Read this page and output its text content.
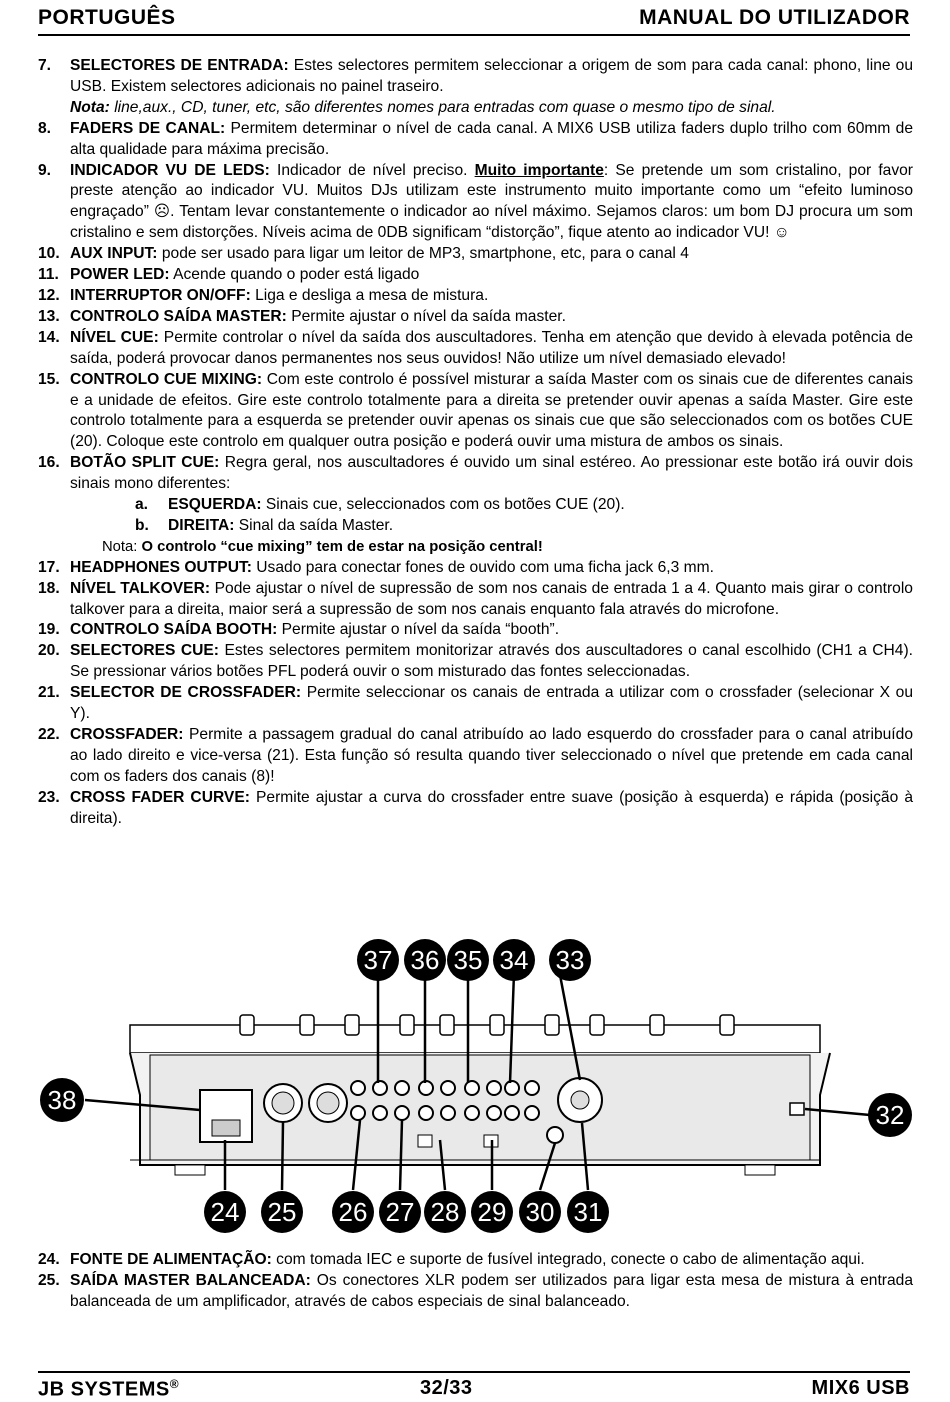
PORTUGUÊS	MANUAL DO UTILIZADOR
7. SELECTORES DE ENTRADA: Estes selectores permitem seleccionar a origem de som para cada canal: phono, line ou USB. Existem selectores adicionais no painel traseiro.
Nota: line,aux., CD, tuner, etc, são diferentes nomes para entradas com quase o mesmo tipo de sinal.
8. FADERS DE CANAL: Permitem determinar o nível de cada canal. A MIX6 USB utiliza faders duplo trilho com 60mm de alta qualidade para máxima precisão.
9. INDICADOR VU DE LEDS: Indicador de nível preciso. Muito importante: Se pretende um som cristalino, por favor preste atenção ao indicador VU. Muitos DJs utilizam este instrumento muito importante como um “efeito luminoso engraçado” ☹. Tentam levar constantemente o indicador ao nível máximo. Sejamos claros: um bom DJ procura um som cristalino e sem distorções. Níveis acima de 0DB significam “distorção”, fique atento ao indicador VU! ☺
10. AUX INPUT: pode ser usado para ligar um leitor de MP3, smartphone, etc, para o canal 4
11. POWER LED: Acende quando o poder está ligado
12. INTERRUPTOR ON/OFF: Liga e desliga a mesa de mistura.
13. CONTROLO SAÍDA MASTER: Permite ajustar o nível da saída master.
14. NÍVEL CUE: Permite controlar o nível da saída dos auscultadores. Tenha em atenção que devido à elevada potência de saída, poderá provocar danos permanentes nos seus ouvidos! Não utilize um nível demasiado elevado!
15. CONTROLO CUE MIXING: Com este controlo é possível misturar a saída Master com os sinais cue de diferentes canais e a unidade de efeitos. Gire este controlo totalmente para a direita se pretender ouvir apenas a saída Master. Gire este controlo totalmente para a esquerda se pretender ouvir apenas os sinais cue que são seleccionados com os botões CUE (20). Coloque este controlo em qualquer outra posição e poderá ouvir uma mistura de ambos os sinais.
16. BOTÃO SPLIT CUE: Regra geral, nos auscultadores é ouvido um sinal estéreo. Ao pressionar este botão irá ouvir dois sinais mono diferentes:
a. ESQUERDA: Sinais cue, seleccionados com os botões CUE (20).
b. DIREITA: Sinal da saída Master.
Nota: O controlo “cue mixing” tem de estar na posição central!
17. HEADPHONES OUTPUT: Usado para conectar fones de ouvido com uma ficha jack 6,3 mm.
18. NÍVEL TALKOVER: Pode ajustar o nível de supressão de som nos canais de entrada 1 a 4. Quanto mais girar o controlo talkover para a direita, maior será a supressão de som nos canais enquanto fala através do microfone.
19. CONTROLO SAÍDA BOOTH: Permite ajustar o nível da saída “booth”.
20. SELECTORES CUE: Estes selectores permitem monitorizar através dos auscultadores o canal escolhido (CH1 a CH4). Se pressionar vários botões PFL poderá ouvir o som misturado das fontes seleccionadas.
21. SELECTOR DE CROSSFADER: Permite seleccionar os canais de entrada a utilizar com o crossfader (selecionar X ou Y).
22. CROSSFADER: Permite a passagem gradual do canal atribuído ao lado esquerdo do crossfader para o canal atribuído ao lado direito e vice-versa (21). Esta função só resulta quando tiver seleccionado o nível que pretende em cada canal com os faders dos canais (8)!
23. CROSS FADER CURVE: Permite ajustar a curva do crossfader entre suave (posição à esquerda) e rápida (posição à direita).
37 36 35 34 33
38	32
24 25 26 27 28 29 30 31
24. FONTE DE ALIMENTAÇÃO: com tomada IEC e suporte de fusível integrado, conecte o cabo de alimentação aqui.
25. SAÍDA MASTER BALANCEADA: Os conectores XLR podem ser utilizados para ligar esta mesa de mistura à entrada balanceada de um amplificador, através de cabos especiais de sinal balanceado.
JB SYSTEMS®	32/33	MIX6 USB
